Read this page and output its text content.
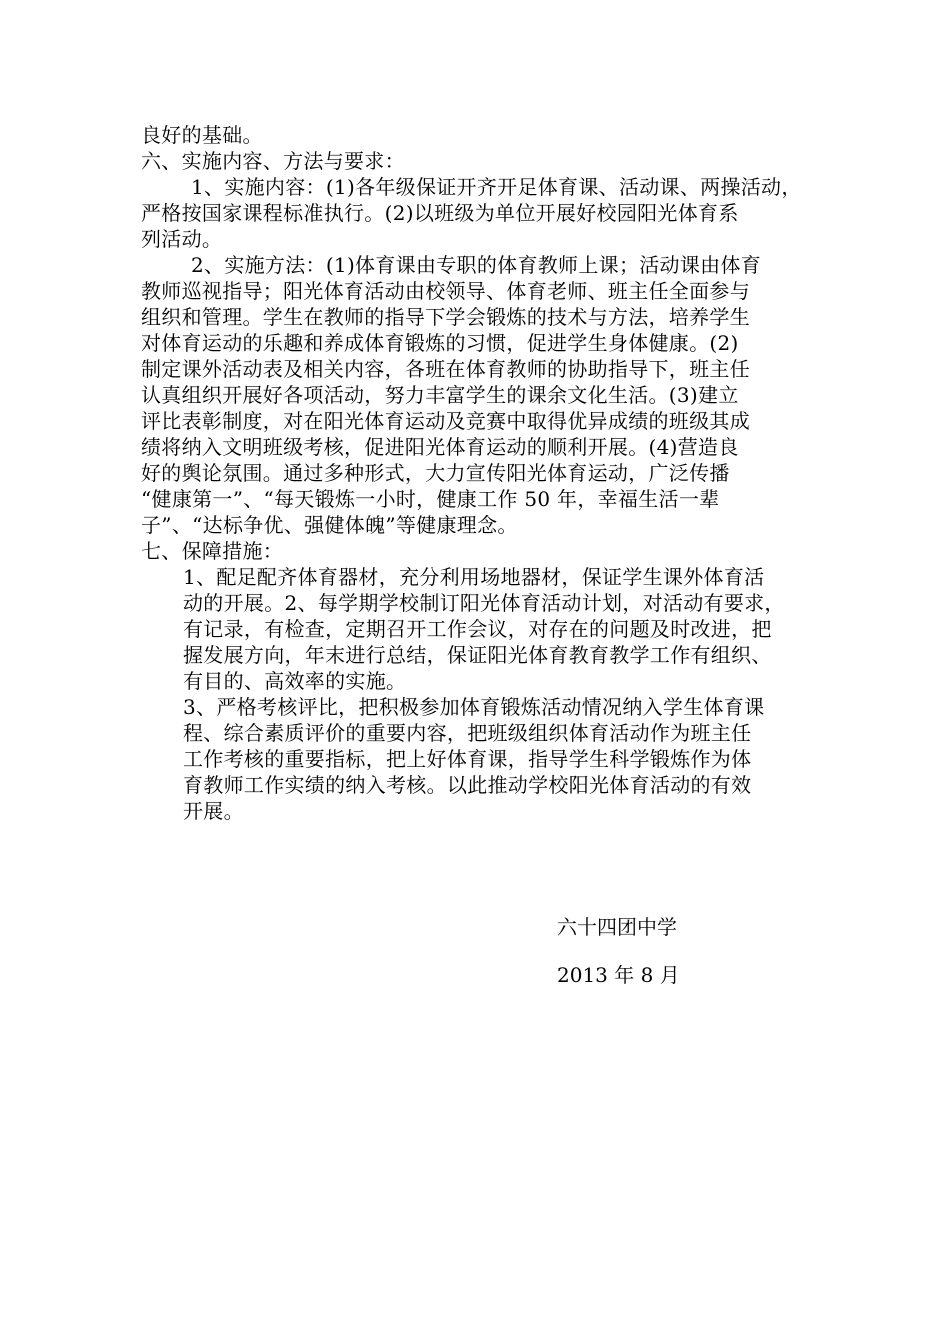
良好的基础。
六、实施内容、方法与要求：
1、实施内容：(1)各年级保证开齐开足体育课、活动课、两操活动，
严格按国家课程标准执行。(2)以班级为单位开展好校园阳光体育系
列活动。
2、实施方法：(1)体育课由专职的体育教师上课；活动课由体育
教师巡视指导；阳光体育活动由校领导、体育老师、班主任全面参与
组织和管理。学生在教师的指导下学会锻炼的技术与方法，培养学生
对体育运动的乐趣和养成体育锻炼的习惯，促进学生身体健康。(2)
制定课外活动表及相关内容，各班在体育教师的协助指导下，班主任
认真组织开展好各项活动，努力丰富学生的课余文化生活。(3)建立
评比表彰制度，对在阳光体育运动及竞赛中取得优异成绩的班级其成
绩将纳入文明班级考核，促进阳光体育运动的顺利开展。(4)营造良
好的舆论氛围。通过多种形式，大力宣传阳光体育运动，广泛传播
“健康第一”、“每天锻炼一小时，健康工作 50 年，幸福生活一辈
子”、“达标争优、强健体魄”等健康理念。
七、保障措施：
1、配足配齐体育器材，充分利用场地器材，保证学生课外体育活
动的开展。2、每学期学校制订阳光体育活动计划，对活动有要求，
有记录，有检查，定期召开工作会议，对存在的问题及时改进，把
握发展方向，年末进行总结，保证阳光体育教育教学工作有组织、
有目的、高效率的实施。
3、严格考核评比，把积极参加体育锻炼活动情况纳入学生体育课
程、综合素质评价的重要内容，把班级组织体育活动作为班主任
工作考核的重要指标，把上好体育课，指导学生科学锻炼作为体
育教师工作实绩的纳入考核。以此推动学校阳光体育活动的有效
开展。
六十四团中学
2013 年 8 月
